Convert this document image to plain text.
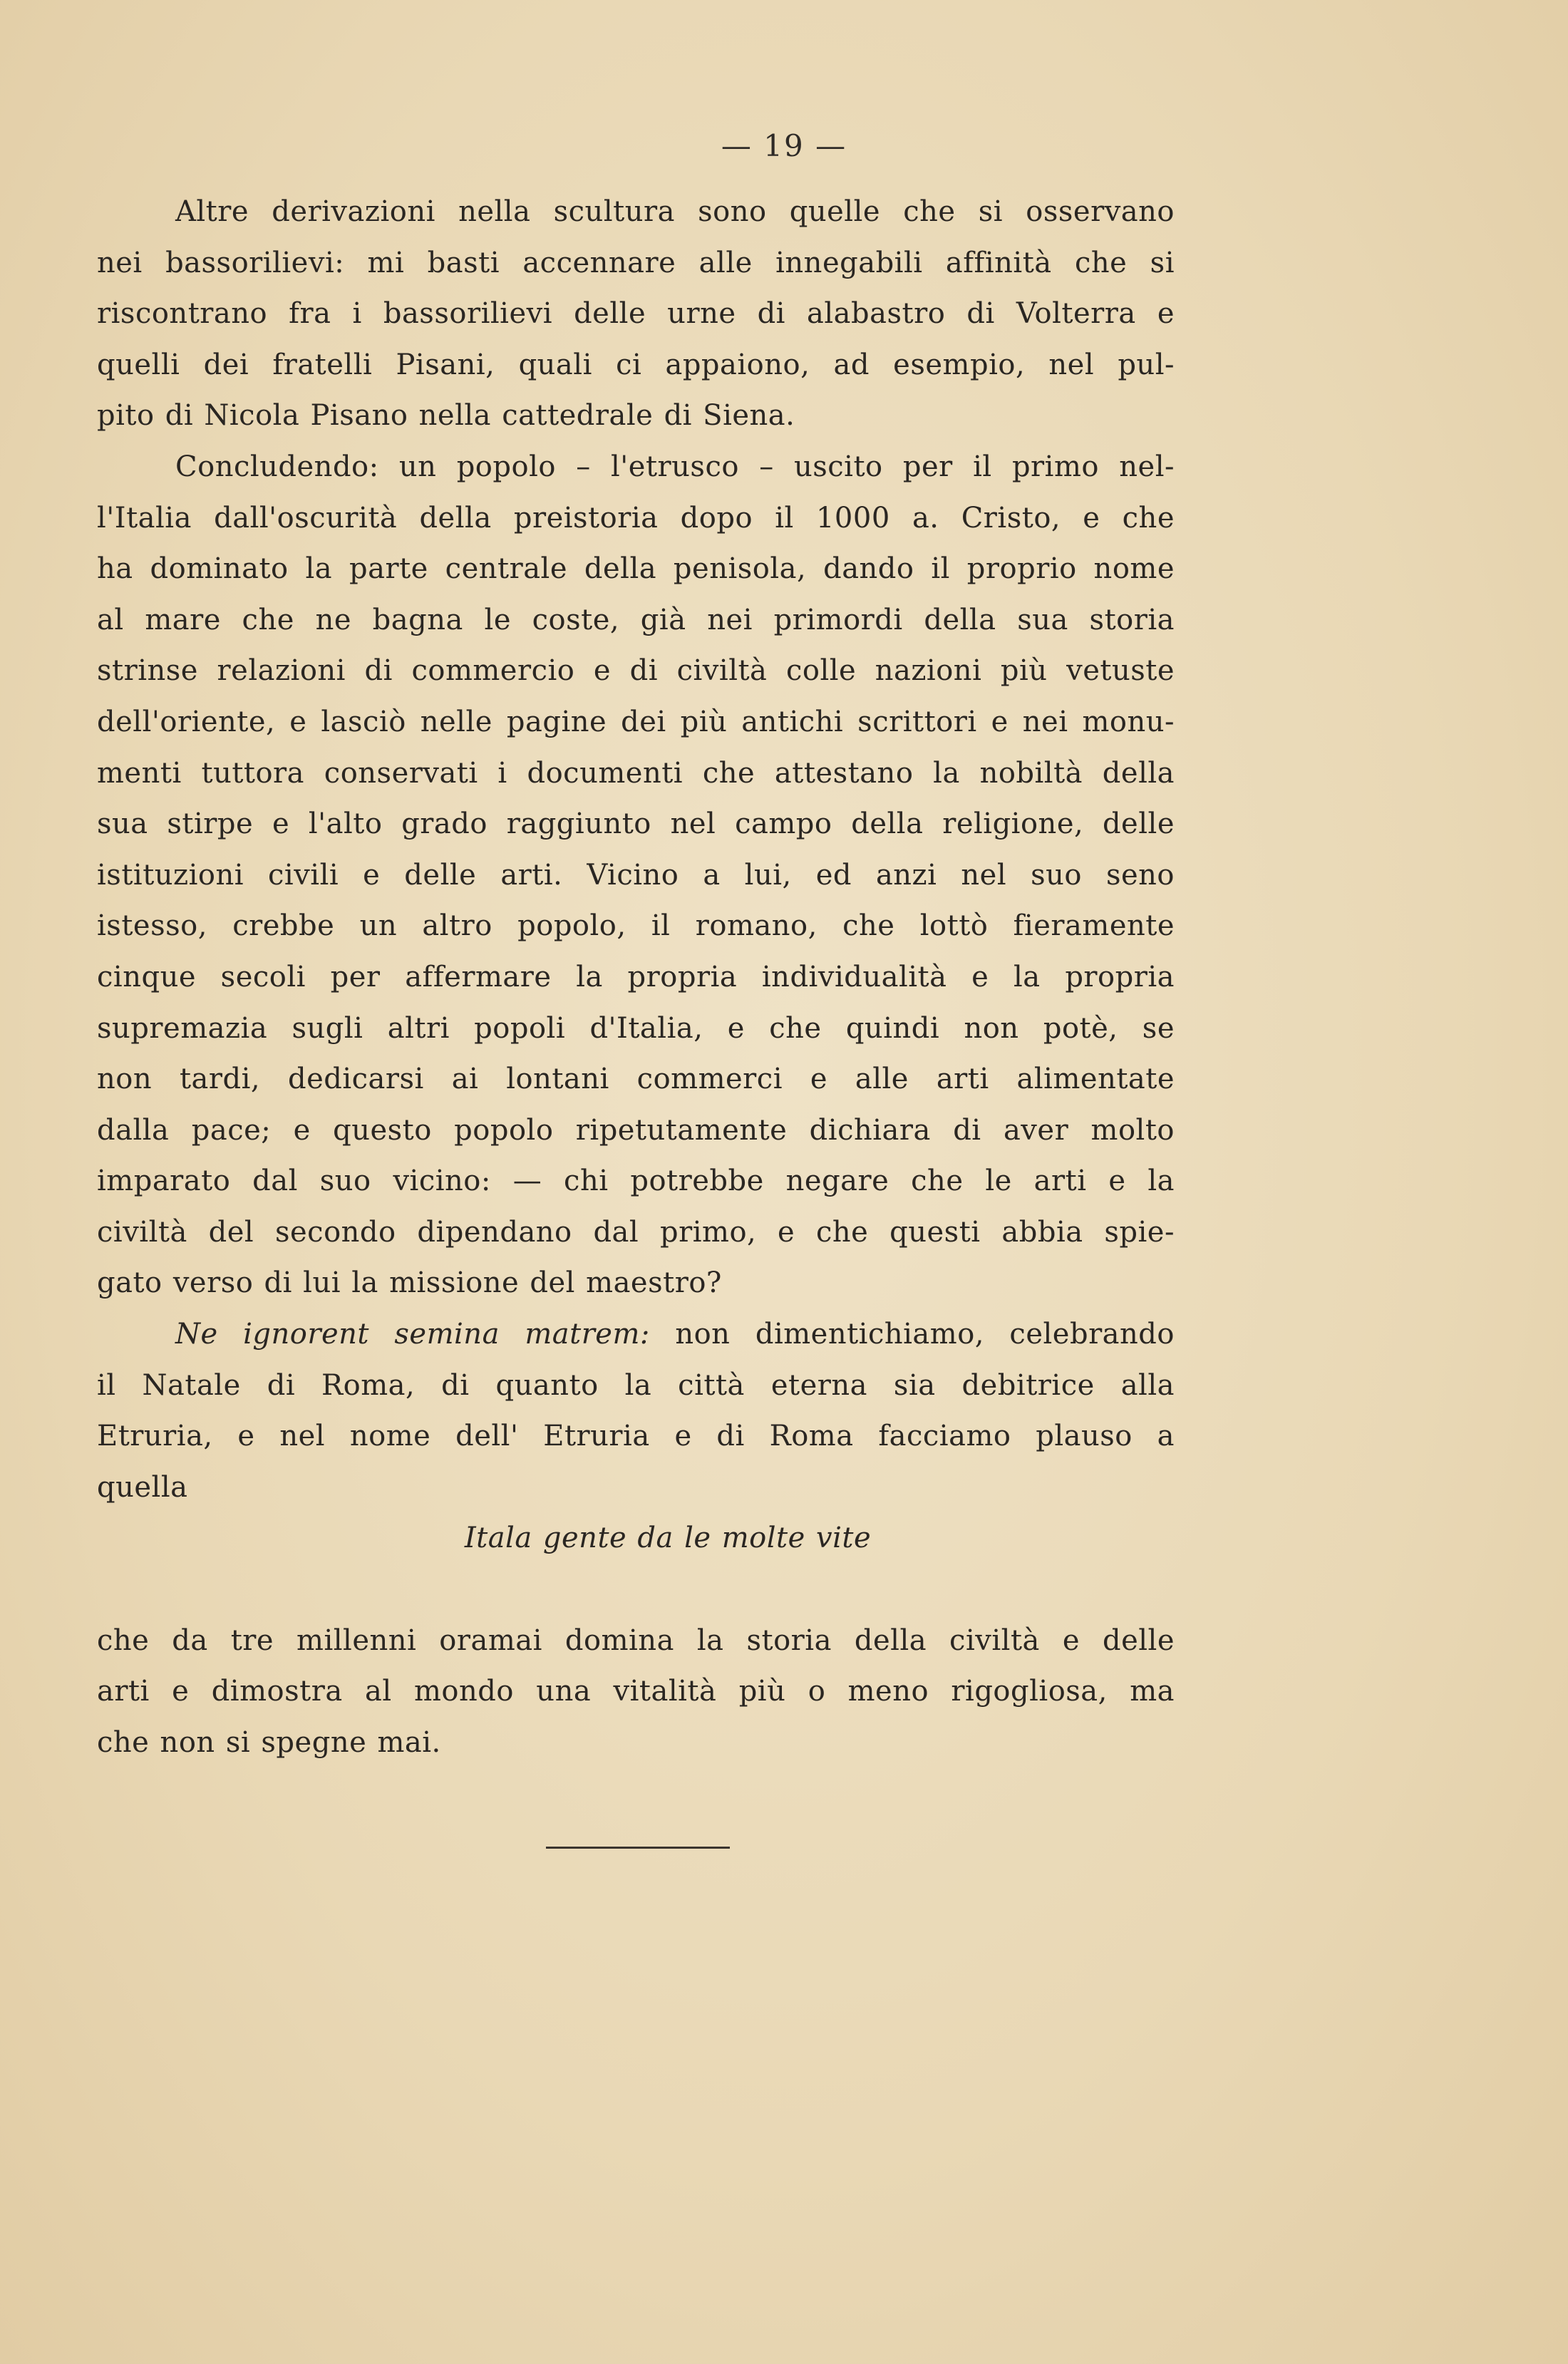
— 19 —
Altre derivazioni nella scultura sono quelle che si osservano
nei bassorilievi: mi basti accennare alle innegabili affinità che si
riscontrano fra i bassorilievi delle urne di alabastro di Volterra e
quelli dei fratelli Pisani, quali ci appaiono, ad esempio, nel pul-
pito di Nicola Pisano nella cattedrale di Siena.
Concludendo: un popolo – l'etrusco – uscito per il primo nel-
l'Italia dall'oscurità della preistoria dopo il 1000 a. Cristo, e che
ha dominato la parte centrale della penisola, dando il proprio nome
al mare che ne bagna le coste, già nei primordi della sua storia
strinse relazioni di commercio e di civiltà colle nazioni più vetuste
dell'oriente, e lasciò nelle pagine dei più antichi scrittori e nei monu-
menti tuttora conservati i documenti che attestano la nobiltà della
sua stirpe e l'alto grado raggiunto nel campo della religione, delle
istituzioni civili e delle arti. Vicino a lui, ed anzi nel suo seno
istesso, crebbe un altro popolo, il romano, che lottò fieramente
cinque secoli per affermare la propria individualità e la propria
supremazia sugli altri popoli d'Italia, e che quindi non potè, se
non tardi, dedicarsi ai lontani commerci e alle arti alimentate
dalla pace; e questo popolo ripetutamente dichiara di aver molto
imparato dal suo vicino: — chi potrebbe negare che le arti e la
civiltà del secondo dipendano dal primo, e che questi abbia spie-
gato verso di lui la missione del maestro?
Ne ignorent semina matrem: non dimentichiamo, celebrando
il Natale di Roma, di quanto la città eterna sia debitrice alla
Etruria, e nel nome dell' Etruria e di Roma facciamo plauso a
quella
Itala gente da le molte vite
che da tre millenni oramai domina la storia della civiltà e delle
arti e dimostra al mondo una vitalità più o meno rigogliosa, ma
che non si spegne mai.
